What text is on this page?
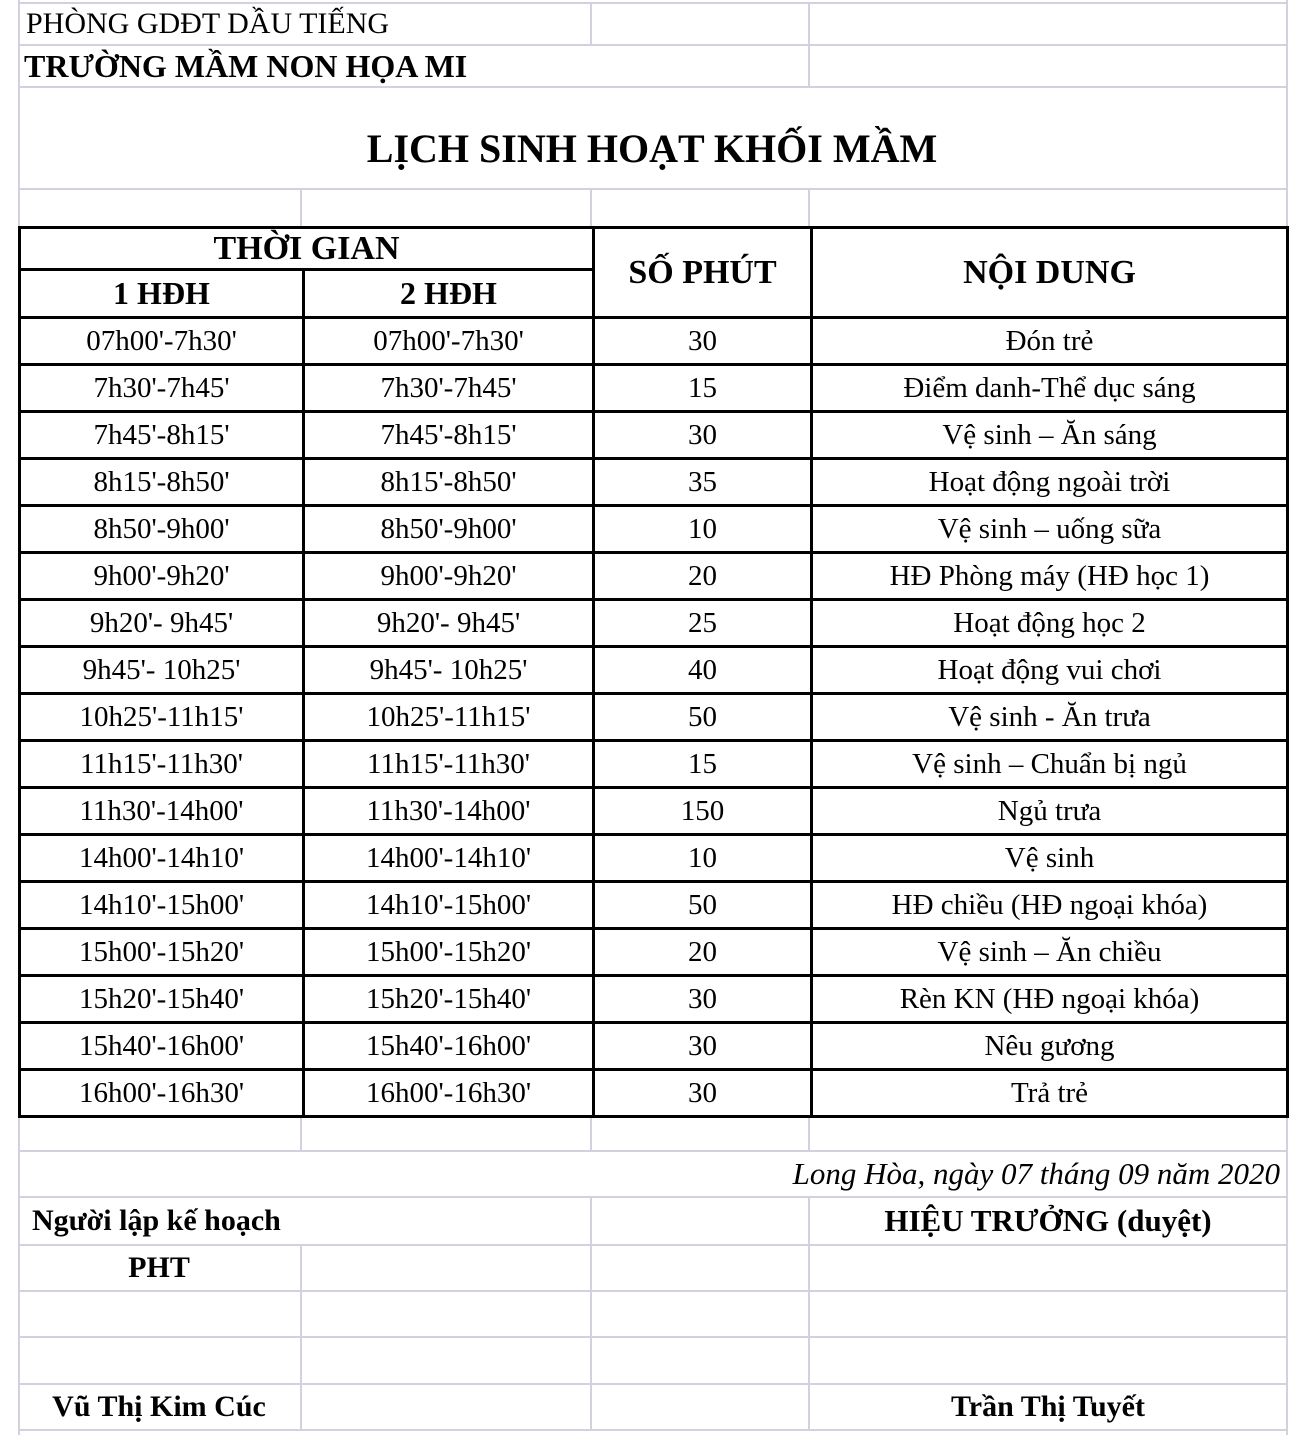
PHÒNG GDĐT DẦU TIẾNG
TRƯỜNG MẦM NON HỌA MI
LỊCH SINH HOẠT KHỐI MẦM
THỜI GIAN		SỐ PHÚT	NỘI DUNG
1 HĐH	2 HĐH		
07h00'-7h30'	07h00'-7h30'	30	Đón trẻ
7h30'-7h45'	7h30'-7h45'	15	Điểm danh-Thể dục sáng
7h45'-8h15'	7h45'-8h15'	30	Vệ sinh – Ăn sáng
8h15'-8h50'	8h15'-8h50'	35	Hoạt động ngoài trời
8h50'-9h00'	8h50'-9h00'	10	Vệ sinh – uống sữa
9h00'-9h20'	9h00'-9h20'	20	HĐ Phòng máy (HĐ học 1)
9h20'- 9h45'	9h20'- 9h45'	25	Hoạt động học 2
9h45'- 10h25'	9h45'- 10h25'	40	Hoạt động vui chơi
10h25'-11h15'	10h25'-11h15'	50	Vệ sinh - Ăn trưa
11h15'-11h30'	11h15'-11h30'	15	Vệ sinh – Chuẩn bị ngủ
11h30'-14h00'	11h30'-14h00'	150	Ngủ trưa
14h00'-14h10'	14h00'-14h10'	10	Vệ sinh
14h10'-15h00'	14h10'-15h00'	50	HĐ chiều (HĐ ngoại khóa)
15h00'-15h20'	15h00'-15h20'	20	Vệ sinh – Ăn chiều
15h20'-15h40'	15h20'-15h40'	30	Rèn KN (HĐ ngoại khóa)
15h40'-16h00'	15h40'-16h00'	30	Nêu gương
16h00'-16h30'	16h00'-16h30'	30	Trả trẻ
Long Hòa, ngày 07 tháng 09 năm 2020
Người lập kế hoạch	HIỆU TRƯỞNG (duyệt)
PHT
Vũ Thị Kim Cúc	Trần Thị Tuyết
